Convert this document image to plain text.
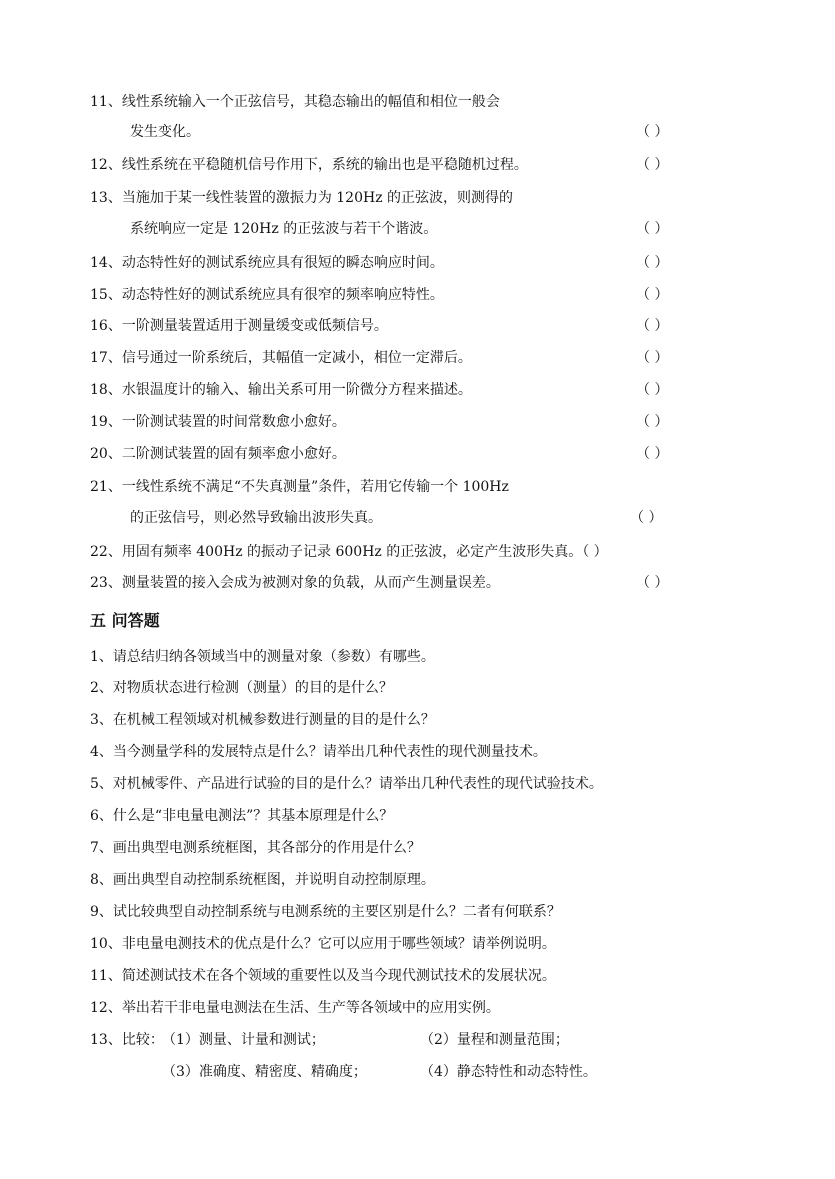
11、线性系统输入一个正弦信号，其稳态输出的幅值和相位一般会
发生变化。	（ ）
12、线性系统在平稳随机信号作用下，系统的输出也是平稳随机过程。	（ ）
13、当施加于某一线性装置的激振力为 120Hz 的正弦波，则测得的
系统响应一定是 120Hz 的正弦波与若干个谐波。	（ ）
14、动态特性好的测试系统应具有很短的瞬态响应时间。	（ ）
15、动态特性好的测试系统应具有很窄的频率响应特性。	（ ）
16、一阶测量装置适用于测量缓变或低频信号。	（ ）
17、信号通过一阶系统后，其幅值一定减小，相位一定滞后。	（ ）
18、水银温度计的输入、输出关系可用一阶微分方程来描述。	（ ）
19、一阶测试装置的时间常数愈小愈好。	（ ）
20、二阶测试装置的固有频率愈小愈好。	（ ）
21、一线性系统不满足“不失真测量”条件，若用它传输一个 100Hz
的正弦信号，则必然导致输出波形失真。	（ ）
22、用固有频率 400Hz 的振动子记录 600Hz 的正弦波，必定产生波形失真。（ ）
23、测量装置的接入会成为被测对象的负载，从而产生测量误差。	（ ）
五 问答题
1、请总结归纳各领域当中的测量对象（参数）有哪些。
2、对物质状态进行检测（测量）的目的是什么？
3、在机械工程领域对机械参数进行测量的目的是什么？
4、当今测量学科的发展特点是什么？请举出几种代表性的现代测量技术。
5、对机械零件、产品进行试验的目的是什么？请举出几种代表性的现代试验技术。
6、什么是“非电量电测法”？其基本原理是什么？
7、画出典型电测系统框图，其各部分的作用是什么？
8、画出典型自动控制系统框图，并说明自动控制原理。
9、试比较典型自动控制系统与电测系统的主要区别是什么？二者有何联系？
10、非电量电测技术的优点是什么？它可以应用于哪些领域？请举例说明。
11、简述测试技术在各个领域的重要性以及当今现代测试技术的发展状况。
12、举出若干非电量电测法在生活、生产等各领域中的应用实例。
13、比较：
（1）测量、计量和测试；	（2）量程和测量范围；
（3）准确度、精密度、精确度；	（4）静态特性和动态特性。
